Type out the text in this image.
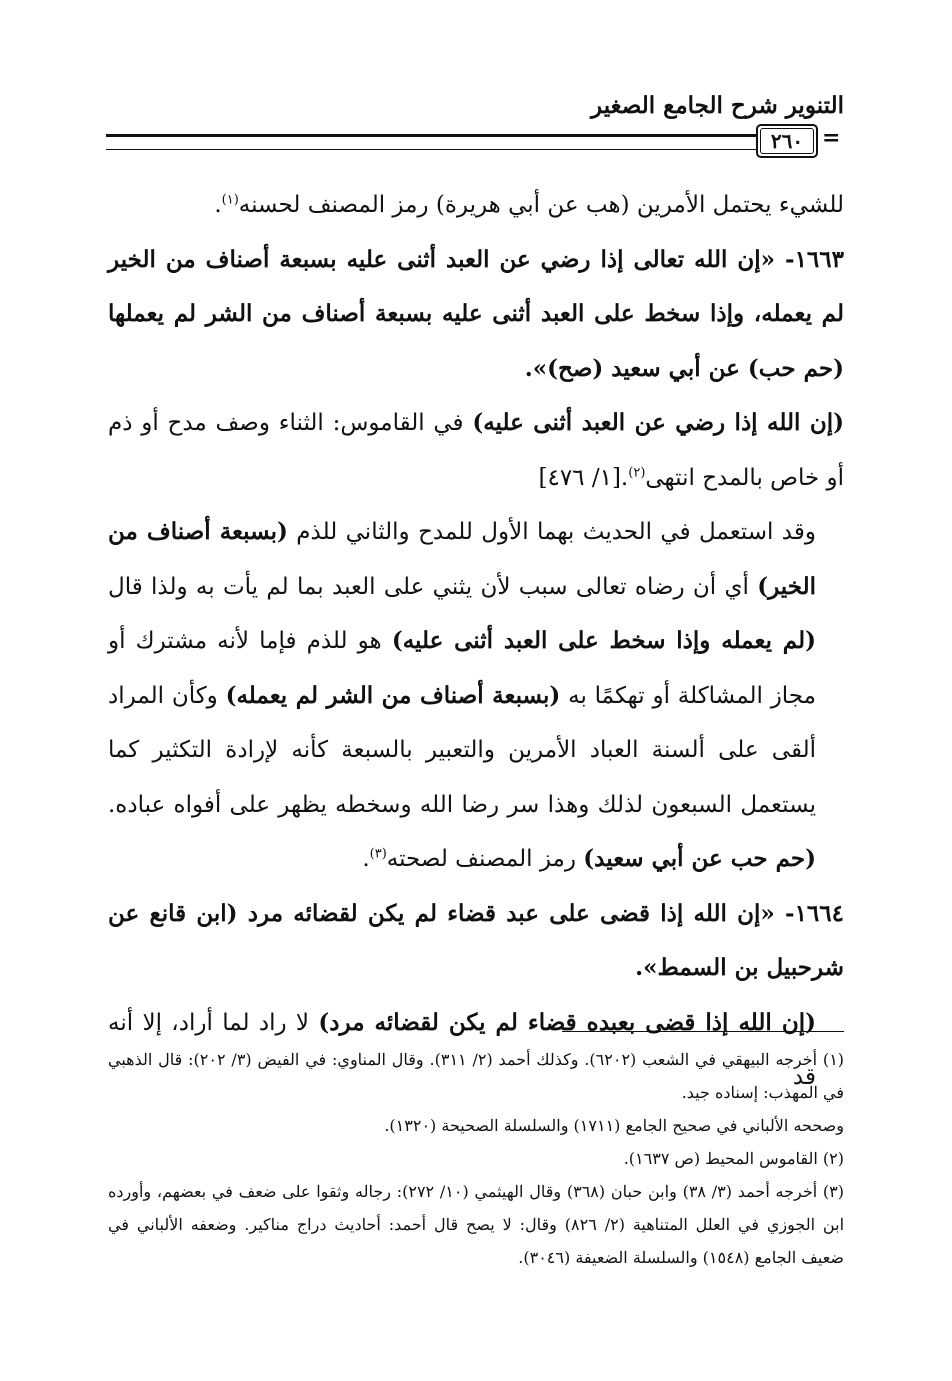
التنوير شرح الجامع الصغير
٢٦٠ =

للشيء يحتمل الأمرين (هب عن أبي هريرة) رمز المصنف لحسنه$^{(١)}$.

١٦٦٣- «إن الله تعالى إذا رضي عن العبد أثنى عليه بسبعة أصناف من الخير لم يعمله، وإذا سخط على العبد أثنى عليه بسبعة أصناف من الشر لم يعملها (حم حب) عن أبي سعيد (صح)».

(إن الله إذا رضي عن العبد أثنى عليه) في القاموس: الثناء وصف مدح أو ذم أو خاص بالمدح انتهى$^{(٢)}$.[١/ ٤٧٦]

وقد استعمل في الحديث بهما الأول للمدح والثاني للذم (بسبعة أصناف من الخير) أي أن رضاه تعالى سبب لأن يثني على العبد بما لم يأت به ولذا قال (لم يعمله وإذا سخط على العبد أثنى عليه) هو للذم فإما لأنه مشترك أو مجاز المشاكلة أو تهكمًا به (بسبعة أصناف من الشر لم يعمله) وكأن المراد ألقى على ألسنة العباد الأمرين والتعبير بالسبعة كأنه لإرادة التكثير كما يستعمل السبعون لذلك وهذا سر رضا الله وسخطه يظهر على أفواه عباده. (حم حب عن أبي سعيد) رمز المصنف لصحته$^{(٣)}$.

١٦٦٤- «إن الله إذا قضى على عبد قضاء لم يكن لقضائه مرد (ابن قانع عن شرحبيل بن السمط».

(إن الله إذا قضى بعبده قضاء لم يكن لقضائه مرد) لا راد لما أراد، إلا أنه قد

(١) أخرجه البيهقي في الشعب (٦٢٠٢). وكذلك أحمد (٢/ ٣١١). وقال المناوي: في الفيض (٣/ ٢٠٢): قال الذهبي في المهذب: إسناده جيد.

وصححه الألباني في صحيح الجامع (١٧١١) والسلسلة الصحيحة (١٣٢٠).

(٢) القاموس المحيط (ص ١٦٣٧).

(٣) أخرجه أحمد (٣/ ٣٨) وابن حبان (٣٦٨) وقال الهيثمي (١٠/ ٢٧٢): رجاله وثقوا على ضعف في بعضهم، وأورده ابن الجوزي في العلل المتناهية (٢/ ٨٢٦) وقال: لا يصح قال أحمد: أحاديث دراج مناكير. وضعفه الألباني في ضعيف الجامع (١٥٤٨) والسلسلة الضعيفة (٣٠٤٦).
